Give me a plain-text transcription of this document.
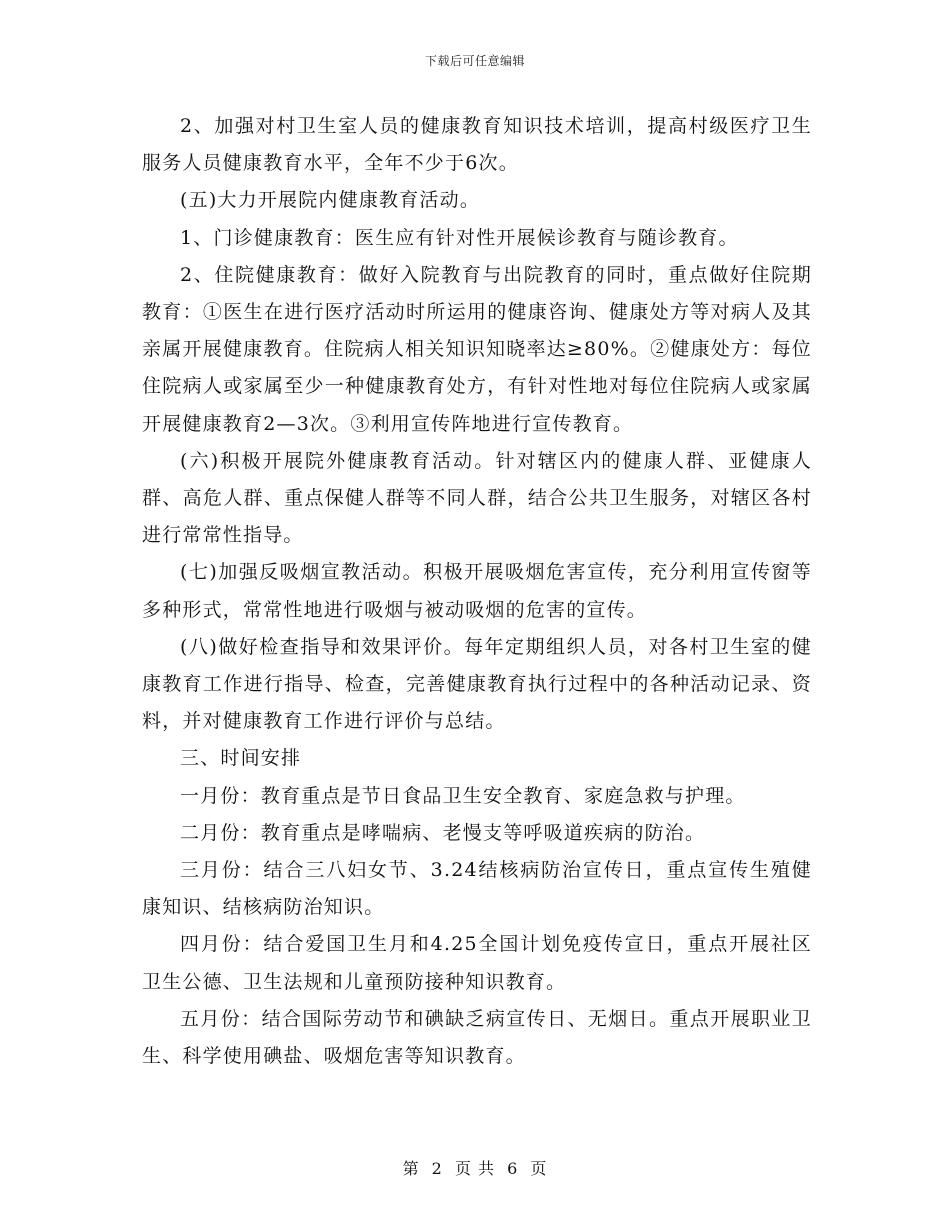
下载后可任意编辑

2、加强对村卫生室人员的健康教育知识技术培训，提高村级医疗卫生服务人员健康教育水平，全年不少于6次。

(五)大力开展院内健康教育活动。

1、门诊健康教育：医生应有针对性开展候诊教育与随诊教育。

2、住院健康教育：做好入院教育与出院教育的同时，重点做好住院期教育：①医生在进行医疗活动时所运用的健康咨询、健康处方等对病人及其亲属开展健康教育。住院病人相关知识知晓率达≥80%。②健康处方：每位住院病人或家属至少一种健康教育处方，有针对性地对每位住院病人或家属开展健康教育2—3次。③利用宣传阵地进行宣传教育。

(六)积极开展院外健康教育活动。针对辖区内的健康人群、亚健康人群、高危人群、重点保健人群等不同人群，结合公共卫生服务，对辖区各村进行常常性指导。

(七)加强反吸烟宣教活动。积极开展吸烟危害宣传，充分利用宣传窗等多种形式，常常性地进行吸烟与被动吸烟的危害的宣传。

(八)做好检查指导和效果评价。每年定期组织人员，对各村卫生室的健康教育工作进行指导、检查，完善健康教育执行过程中的各种活动记录、资料，并对健康教育工作进行评价与总结。

三、时间安排

一月份：教育重点是节日食品卫生安全教育、家庭急救与护理。

二月份：教育重点是哮喘病、老慢支等呼吸道疾病的防治。

三月份：结合三八妇女节、3.24结核病防治宣传日，重点宣传生殖健康知识、结核病防治知识。

四月份：结合爱国卫生月和4.25全国计划免疫传宣日，重点开展社区卫生公德、卫生法规和儿童预防接种知识教育。

五月份：结合国际劳动节和碘缺乏病宣传日、无烟日。重点开展职业卫生、科学使用碘盐、吸烟危害等知识教育。

第 2 页 共 6 页
